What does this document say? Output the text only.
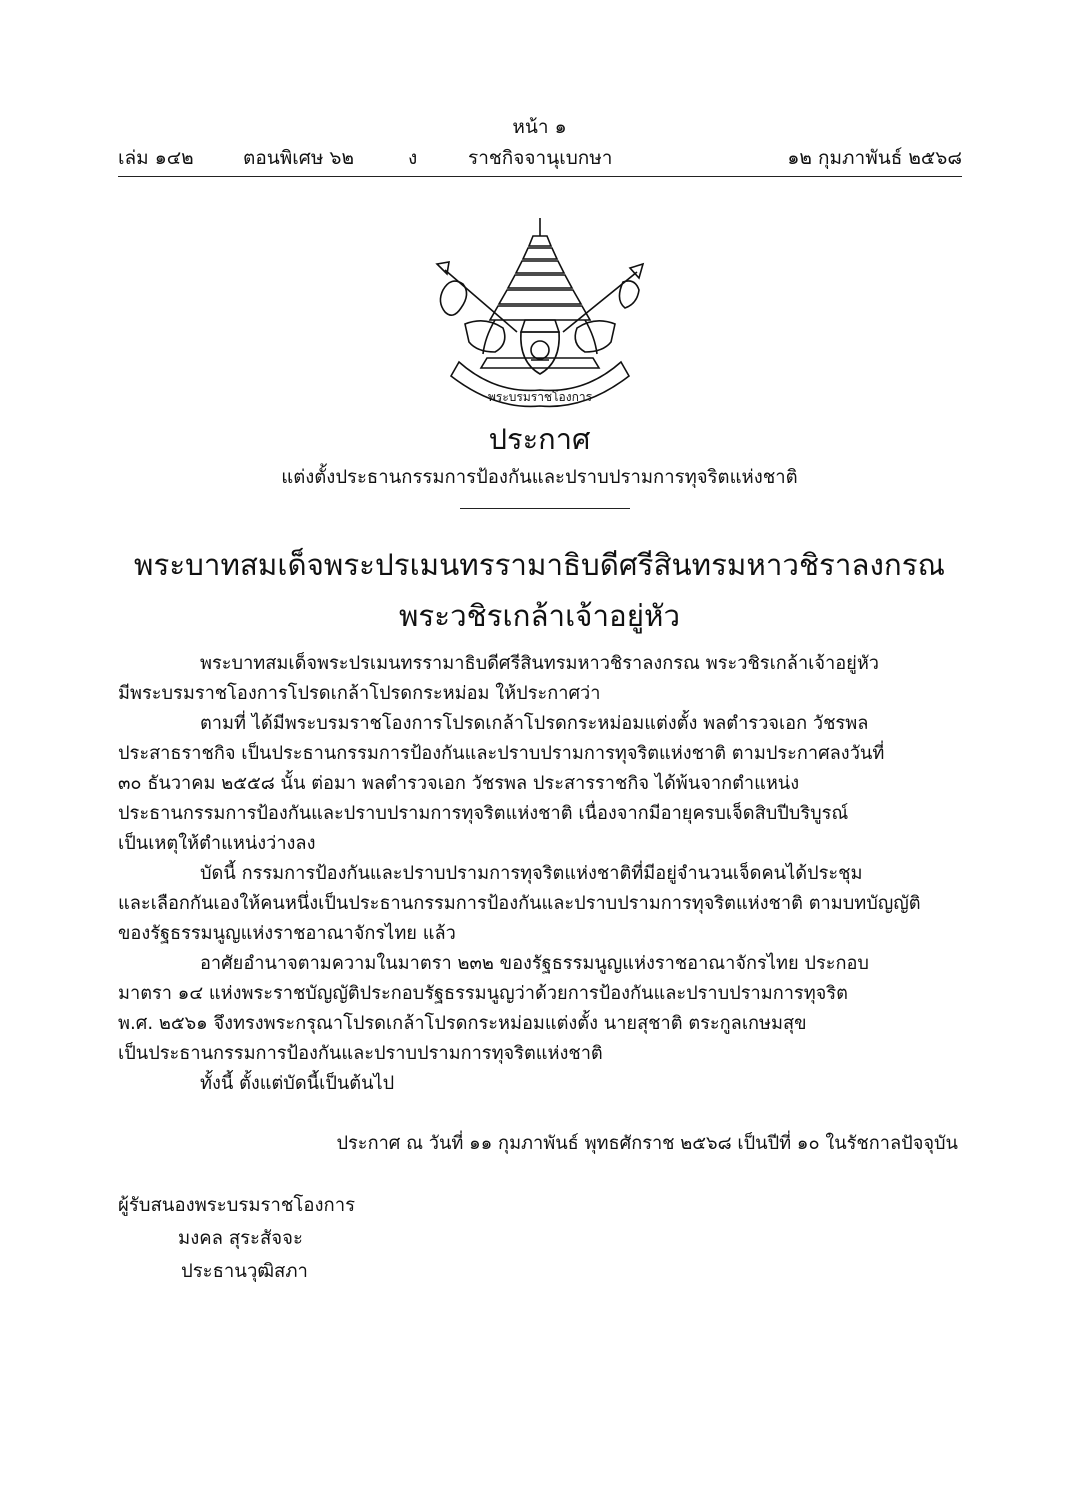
หน้า ๑
เล่ม ๑๔๒	ตอนพิเศษ ๖๒	ง	ราชกิจจานุเบกษา	๑๒ กุมภาพันธ์ ๒๕๖๘
พระบรมราชโองการ
ประกาศ
แต่งตั้งประธานกรรมการป้องกันและปราบปรามการทุจริตแห่งชาติ
พระบาทสมเด็จพระปรเมนทรรามาธิบดีศรีสินทรมหาวชิราลงกรณ
พระวชิรเกล้าเจ้าอยู่หัว
พระบาทสมเด็จพระปรเมนทรรามาธิบดีศรีสินทรมหาวชิราลงกรณ พระวชิรเกล้าเจ้าอยู่หัว
มีพระบรมราชโองการโปรดเกล้าโปรดกระหม่อม ให้ประกาศว่า
ตามที่ ได้มีพระบรมราชโองการโปรดเกล้าโปรดกระหม่อมแต่งตั้ง พลตำรวจเอก วัชรพล
ประสาธราชกิจ เป็นประธานกรรมการป้องกันและปราบปรามการทุจริตแห่งชาติ ตามประกาศลงวันที่
๓๐ ธันวาคม ๒๕๕๘ นั้น ต่อมา พลตำรวจเอก วัชรพล ประสารราชกิจ ได้พ้นจากตำแหน่ง
ประธานกรรมการป้องกันและปราบปรามการทุจริตแห่งชาติ เนื่องจากมีอายุครบเจ็ดสิบปีบริบูรณ์
เป็นเหตุให้ตำแหน่งว่างลง
บัดนี้ กรรมการป้องกันและปราบปรามการทุจริตแห่งชาติที่มีอยู่จำนวนเจ็ดคนได้ประชุม
และเลือกกันเองให้คนหนึ่งเป็นประธานกรรมการป้องกันและปราบปรามการทุจริตแห่งชาติ ตามบทบัญญัติ
ของรัฐธรรมนูญแห่งราชอาณาจักรไทย แล้ว
อาศัยอำนาจตามความในมาตรา ๒๓๒ ของรัฐธรรมนูญแห่งราชอาณาจักรไทย ประกอบ
มาตรา ๑๔ แห่งพระราชบัญญัติประกอบรัฐธรรมนูญว่าด้วยการป้องกันและปราบปรามการทุจริต
พ.ศ. ๒๕๖๑ จึงทรงพระกรุณาโปรดเกล้าโปรดกระหม่อมแต่งตั้ง นายสุชาติ ตระกูลเกษมสุข
เป็นประธานกรรมการป้องกันและปราบปรามการทุจริตแห่งชาติ
ทั้งนี้ ตั้งแต่บัดนี้เป็นต้นไป
ประกาศ ณ วันที่ ๑๑ กุมภาพันธ์ พุทธศักราช ๒๕๖๘ เป็นปีที่ ๑๐ ในรัชกาลปัจจุบัน
ผู้รับสนองพระบรมราชโองการ
มงคล สุระสัจจะ
ประธานวุฒิสภา
